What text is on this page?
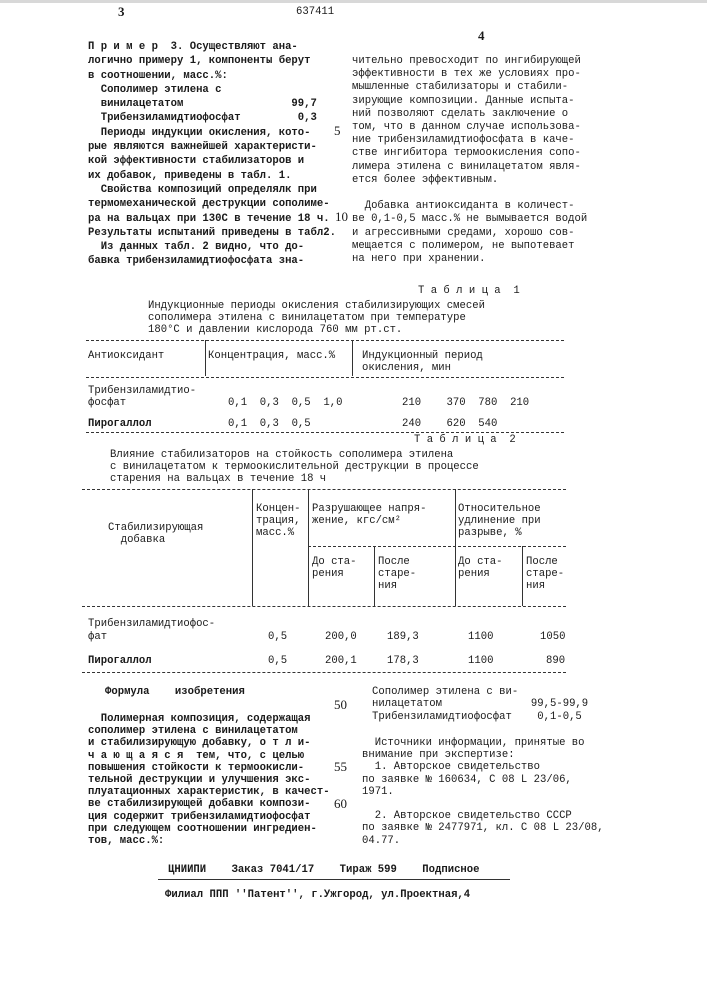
3	637411
4
П р и м е р  3. Осуществляют ана-
логично примеру 1, компоненты берут
в соотношении, масс.%:
Сополимер этилена с
винилацетатом                 99,7
Трибензиламидтиофосфат         0,3
Периоды индукции окисления, кото-
рые являются важнейшей характеристи-
кой эффективности стабилизаторов и
их добавок, приведены в табл. 1.
Свойства композиций определялк при
термомеханической деструкции сополиме-
ра на вальцах при 130С в течение 18 ч.
Результаты испытаний приведены в табл2.
Из данных табл. 2 видно, что до-
бавка трибензиламидтиофосфата зна-
чительно превосходит по ингибирующей
эффективности в тех же условиях про-
мышленные стабилизаторы и стабили-
зирующие композиции. Данные испыта-
ний позволяют сделать заключение о
том, что в данном случае использова-
ние трибензиламидтиофосфата в каче-
стве ингибитора термоокисления сопо-
лимера этилена с винилацетатом явля-
ется более эффективным.

Добавка антиоксиданта в количест-
ве 0,1-0,5 масс.% не вымывается водой
и агрессивными средами, хорошо сов-
мещается с полимером, не выпотевает
на него при хранении.
5
10
Т а б л и ц а  1
Индукционные периоды окисления стабилизирующих смесей
сополимера этилена с винилацетатом при температуре
180°С и давлении кислорода 760 мм рт.ст.
Антиоксидант	Концентрация, масс.%	Индукционный период
окисления, мин
Трибензиламидтио-
фосфат	0,1  0,3  0,5  1,0	210    370  780  210
Пирогаллол	0,1  0,3  0,5	240    620  540
Т а б л и ц а  2
Влияние стабилизаторов на стойкость сополимера этилена
с винилацетатом к термоокислительной деструкции в процессе
старения на вальцах в течение 18 ч
Стабилизирующая
добавка
Концен-
трация,
масс.%
Разрушающее напря-
жение, кгс/см²
Относительное
удлинение при
разрыве, %
До ста-
рения
После
старе-
ния
До ста-
рения
После
старе-
ния
Трибензиламидтиофос-
фат	0,5	200,0	189,3	1100	1050
Пирогаллол	0,5	200,1	178,3	1100	890
Формула    изобретения
Полимерная композиция, содержащая
сополимер этилена с винилацетатом
и стабилизирующую добавку, о т л и-
ч а ю щ а я с я  тем, что, с целью
повышения стойкости к термоокисли-
тельной деструкции и улучшения экс-
плуатационных характеристик, в качест-
ве стабилизирующей добавки компози-
ция содержит трибензиламидтиофосфат
при следующем соотношении ингредиен-
тов, масс.%:
50
55
60
Сополимер этилена с ви-
нилацетатом              99,5-99,9
Трибензиламидтиофосфат    0,1-0,5
Источники информации, принятые во
внимание при экспертизе:
1. Авторское свидетельство
по заявке № 160634, С 08 L 23/06,
1971.

2. Авторское свидетельство СССР
по заявке № 2477971, кл. С 08 L 23/08,
04.77.
ЦНИИПИ    Заказ 7041/17    Тираж 599    Подписное
Филиал ППП ''Патент'', г.Ужгород, ул.Проектная,4
